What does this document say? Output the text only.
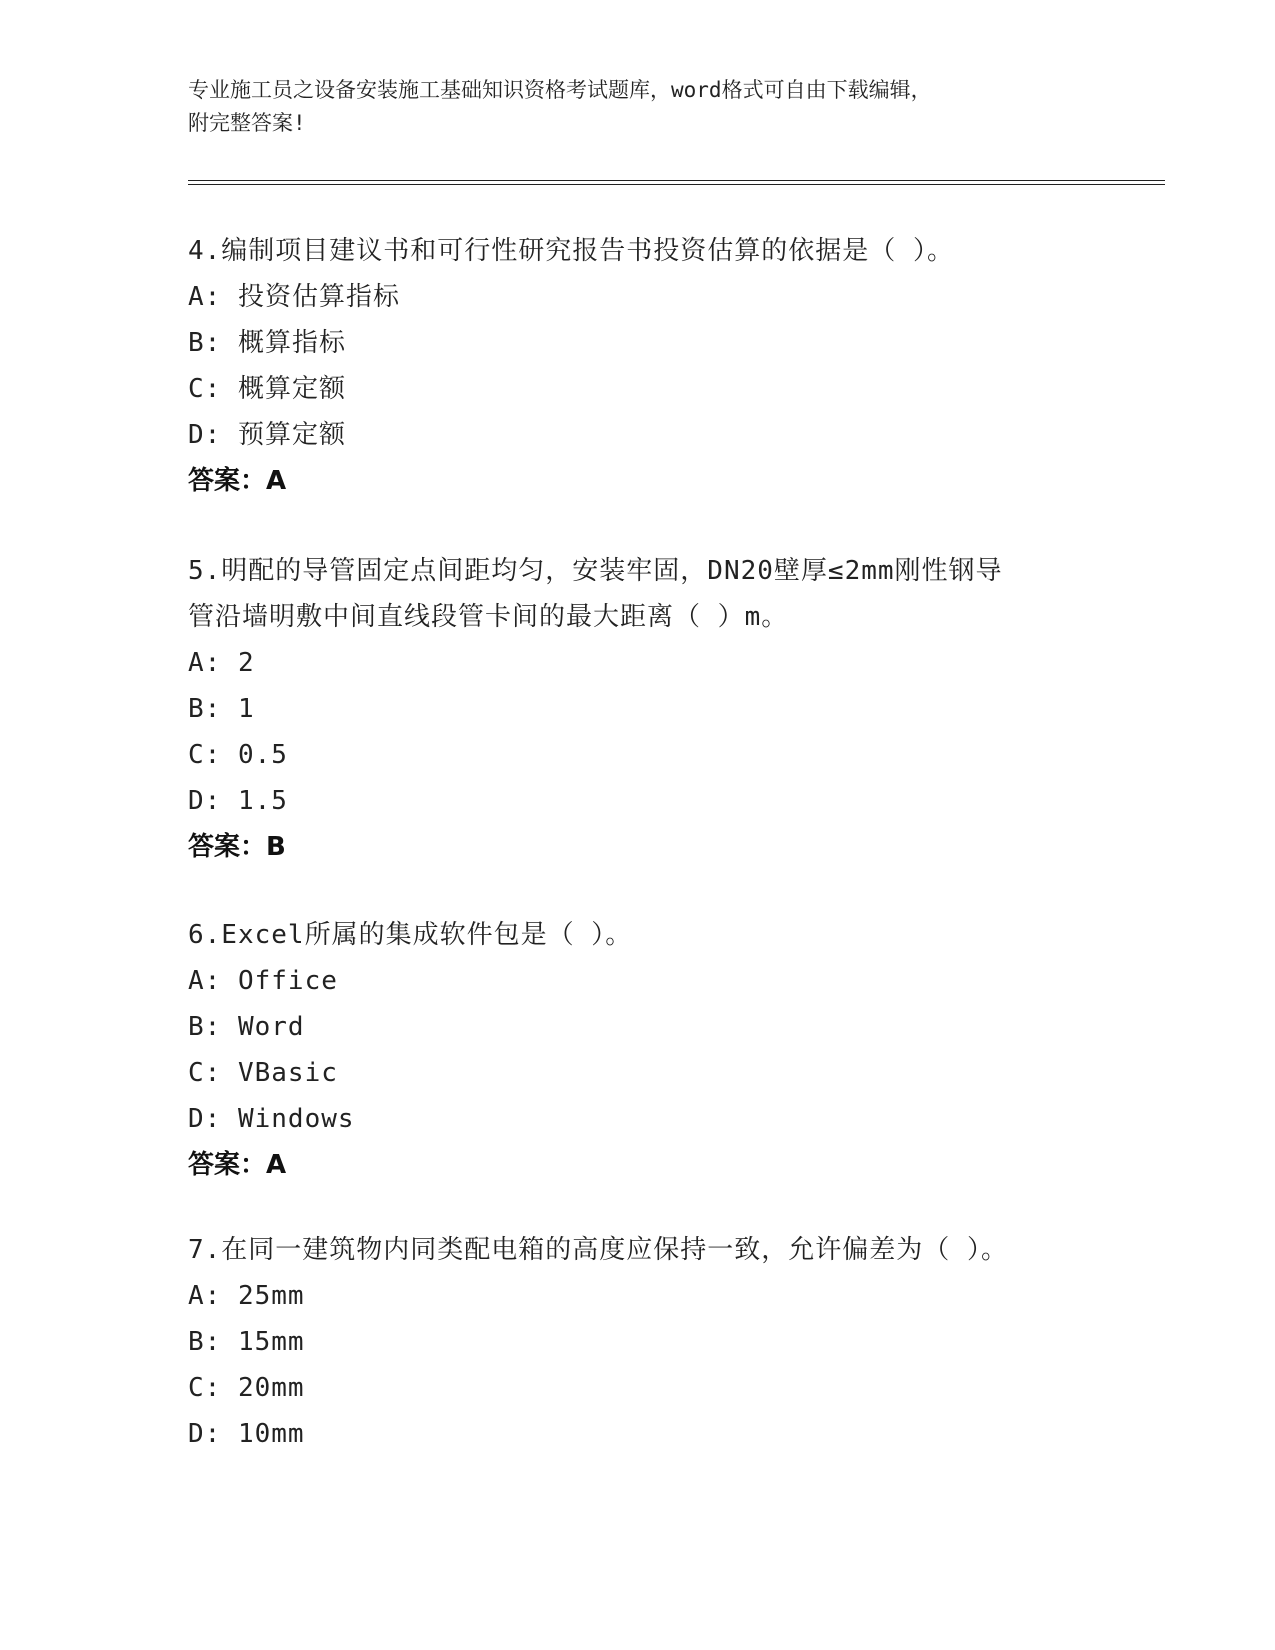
专业施工员之设备安装施工基础知识资格考试题库，word格式可自由下载编辑，
附完整答案!
4.编制项目建议书和可行性研究报告书投资估算的依据是（ ）。
A: 投资估算指标
B: 概算指标
C: 概算定额
D: 预算定额
答案：A
5.明配的导管固定点间距均匀，安装牢固，DN20壁厚≤2mm刚性钢导
管沿墙明敷中间直线段管卡间的最大距离（ ）m。
A: 2
B: 1
C: 0.5
D: 1.5
答案：B
6.Excel所属的集成软件包是（ ）。
A: Office
B: Word
C: VBasic
D: Windows
答案：A
7.在同一建筑物内同类配电箱的高度应保持一致，允许偏差为（ ）。
A: 25mm
B: 15mm
C: 20mm
D: 10mm
